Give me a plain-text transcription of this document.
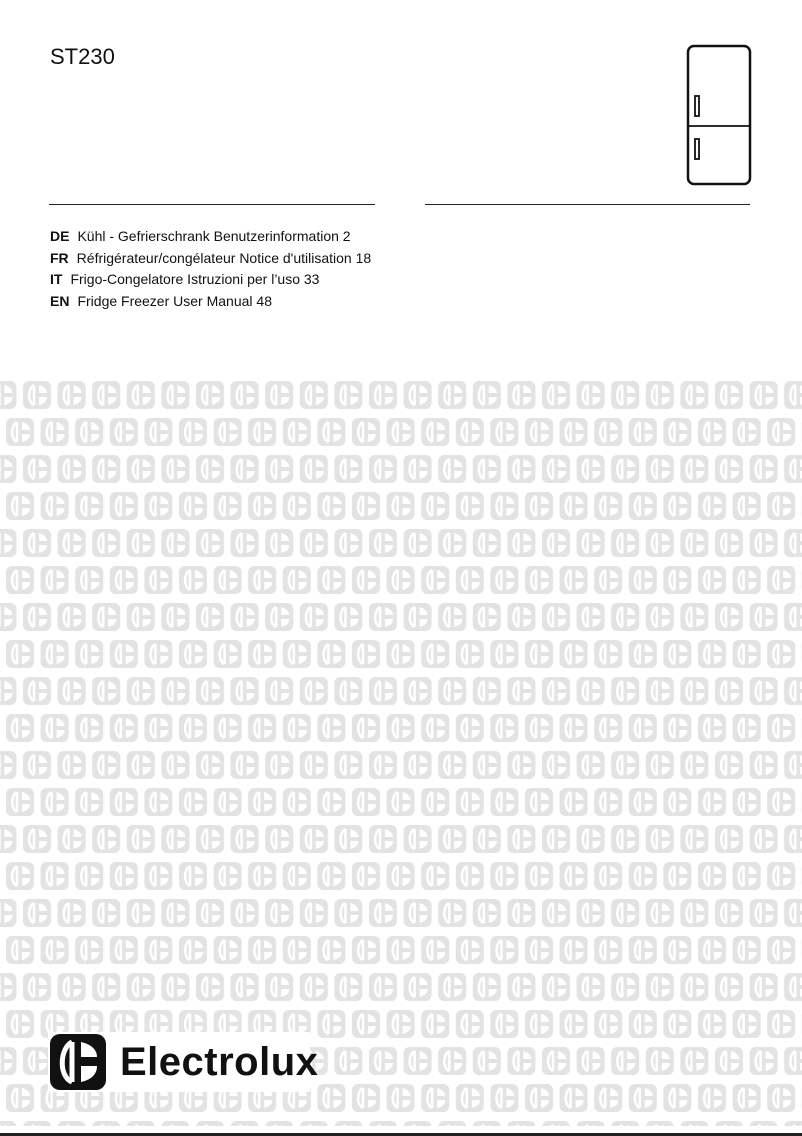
ST230
DE Kühl - Gefrierschrank Benutzerinformation 2
FR Réfrigérateur/congélateur Notice d'utilisation 18
IT Frigo-Congelatore Istruzioni per l’uso 33
EN Fridge Freezer User Manual 48
Electrolux
